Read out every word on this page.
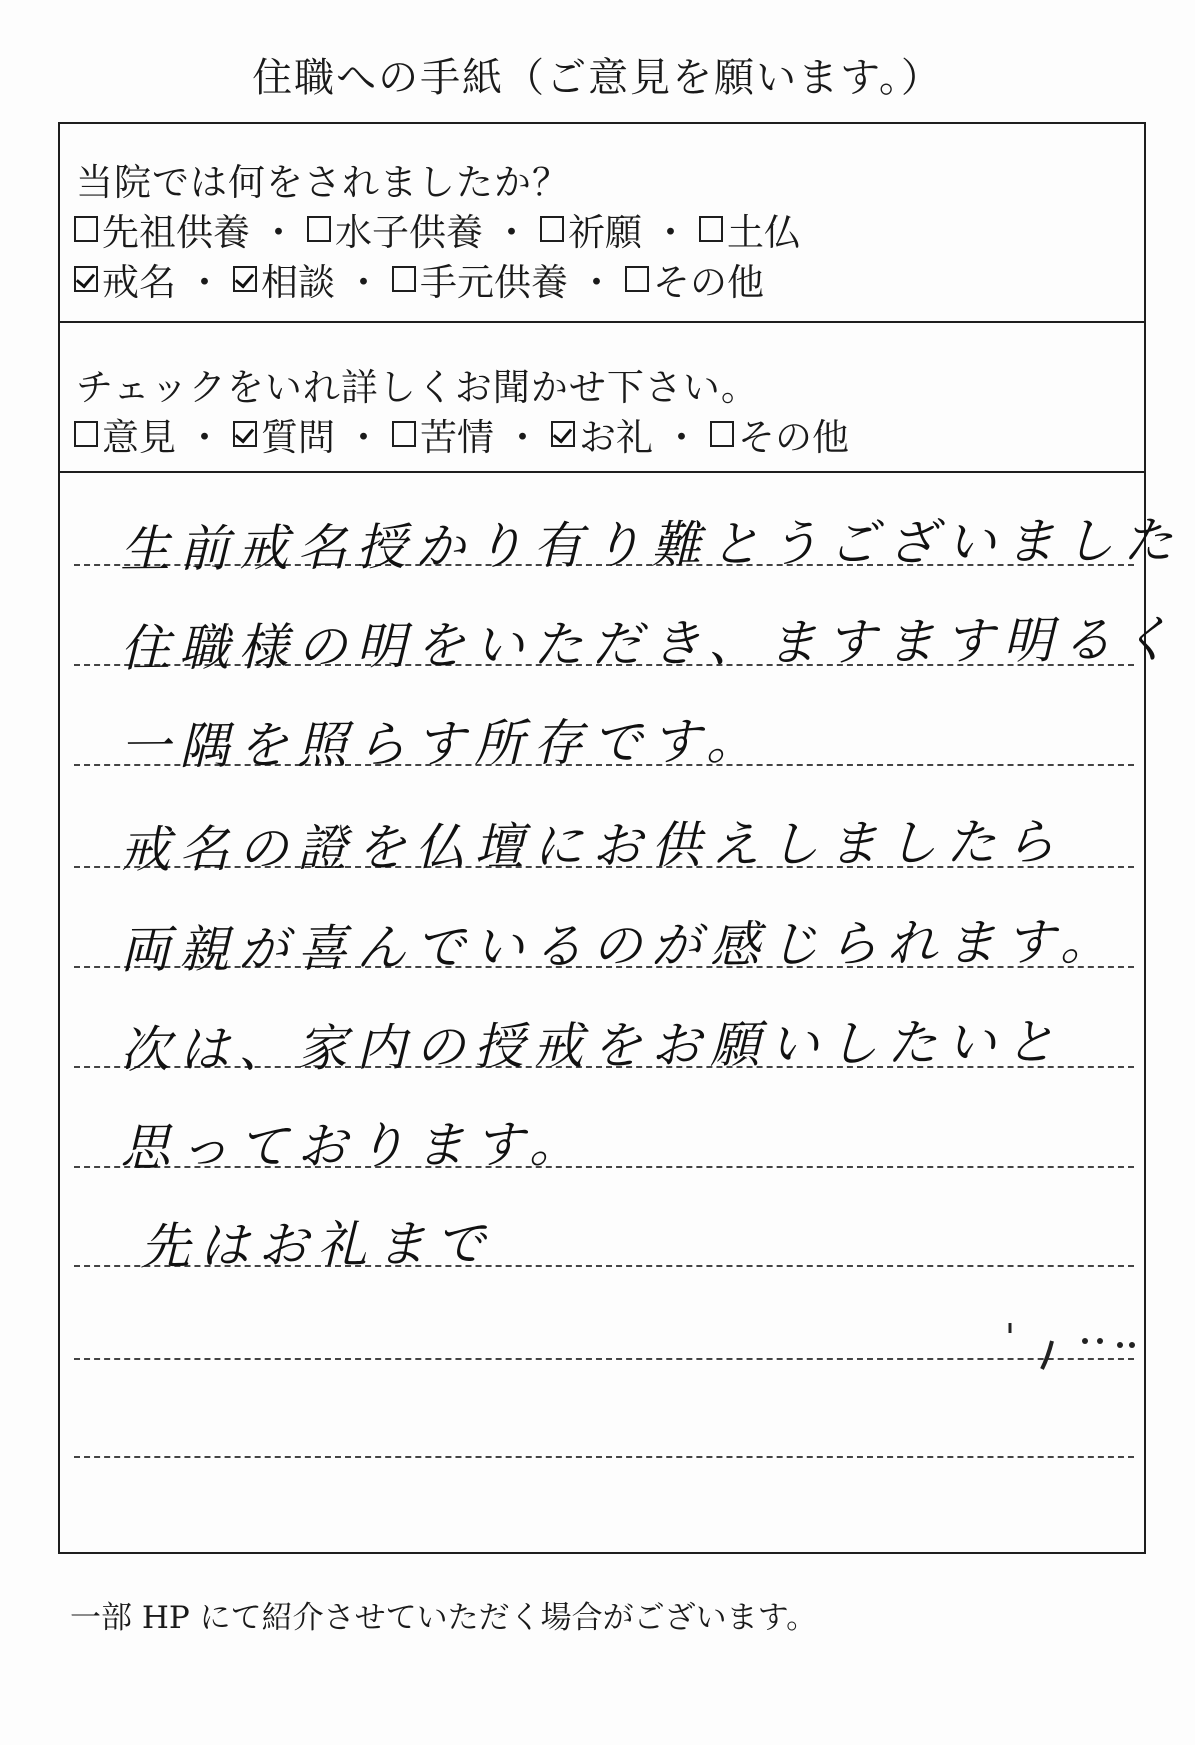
住職への手紙（ご意見を願います。）
当院では何をされましたか？
先祖供養 ・ 水子供養 ・ 祈願 ・ 土仏
戒名 ・ 相談 ・ 手元供養 ・ その他
チェックをいれ詳しくお聞かせ下さい。
意見 ・ 質問 ・ 苦情 ・ お礼 ・ その他
生前戒名授かり有り難とうございました
住職様の明をいただき、ますます明るく
一隅を照らす所存です。
戒名の證を仏壇にお供えしましたら
両親が喜んでいるのが感じられます。
次は、家内の授戒をお願いしたいと
思っております。
先はお礼まで
一部 HP にて紹介させていただく場合がございます。
